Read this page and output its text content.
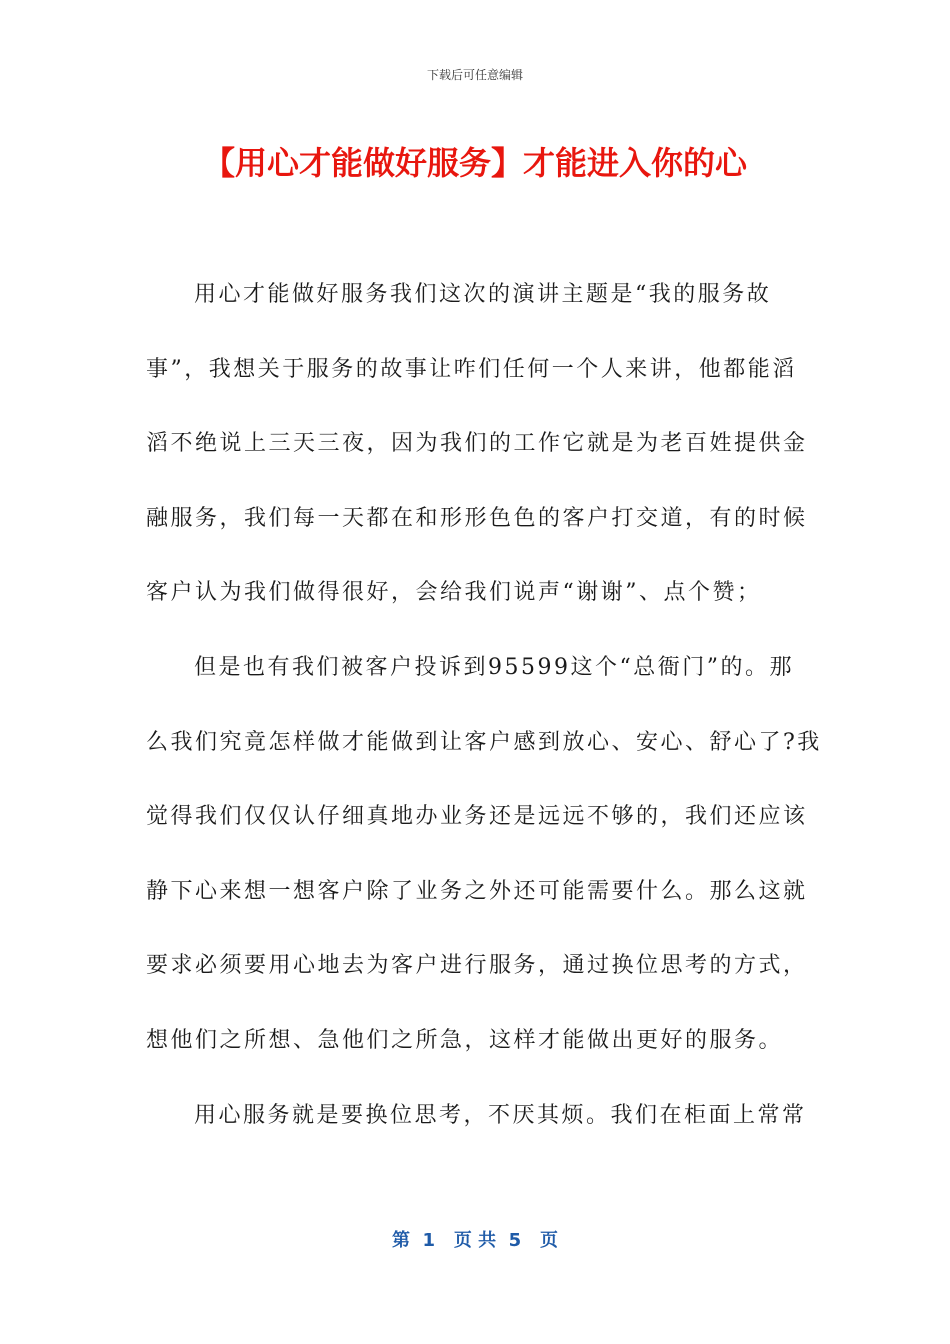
下载后可任意编辑
【用心才能做好服务】才能进入你的心
用心才能做好服务我们这次的演讲主题是“我的服务故
事”，我想关于服务的故事让咋们任何一个人来讲，他都能滔
滔不绝说上三天三夜，因为我们的工作它就是为老百姓提供金
融服务，我们每一天都在和形形色色的客户打交道，有的时候
客户认为我们做得很好，会给我们说声“谢谢”、点个赞；
但是也有我们被客户投诉到95599这个“总衙门”的。那
么我们究竟怎样做才能做到让客户感到放心、安心、舒心了?我
觉得我们仅仅认仔细真地办业务还是远远不够的，我们还应该
静下心来想一想客户除了业务之外还可能需要什么。那么这就
要求必须要用心地去为客户进行服务，通过换位思考的方式，
想他们之所想、急他们之所急，这样才能做出更好的服务。
用心服务就是要换位思考，不厌其烦。我们在柜面上常常
第  1   页 共  5   页
